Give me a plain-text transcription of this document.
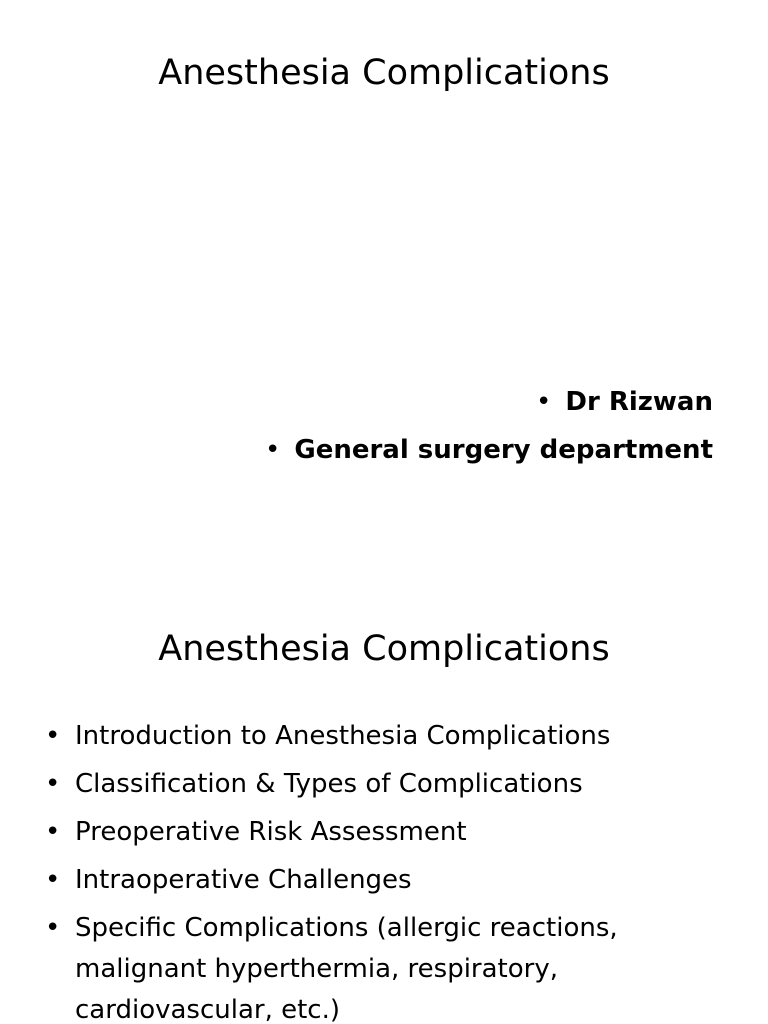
Anesthesia Complications
• Dr Rizwan
• General surgery department
Anesthesia Complications
• Introduction to Anesthesia Complications
• Classification & Types of Complications
• Preoperative Risk Assessment
• Intraoperative Challenges
• Specific Complications (allergic reactions, malignant hyperthermia, respiratory, cardiovascular, etc.)
